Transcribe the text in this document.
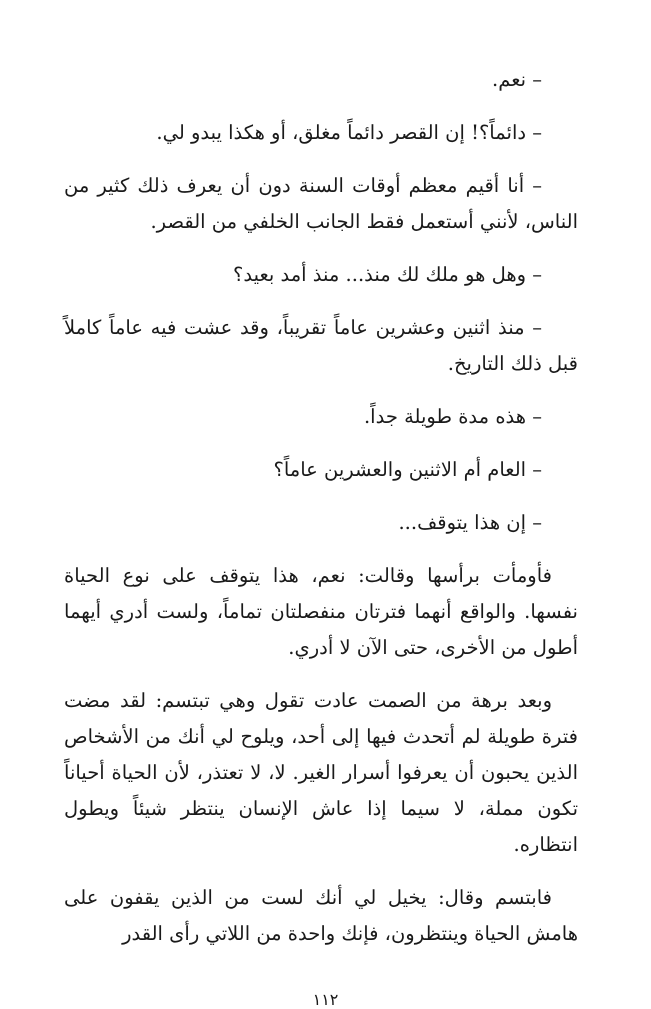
– نعم.

– دائماً؟! إن القصر دائماً مغلق، أو هكذا يبدو لي.

– أنا أقيم معظم أوقات السنة دون أن يعرف ذلك كثير من الناس، لأنني أستعمل فقط الجانب الخلفي من القصر.

– وهل هو ملك لك منذ... منذ أمد بعيد؟

– منذ اثنين وعشرين عاماً تقريباً، وقد عشت فيه عاماً كاملاً قبل ذلك التاريخ.

– هذه مدة طويلة جداً.

– العام أم الاثنين والعشرين عاماً؟

– إن هذا يتوقف...

فأومأت برأسها وقالت: نعم، هذا يتوقف على نوع الحياة نفسها. والواقع أنهما فترتان منفصلتان تماماً، ولست أدري أيهما أطول من الأخرى، حتى الآن لا أدري.

وبعد برهة من الصمت عادت تقول وهي تبتسم: لقد مضت فترة طويلة لم أتحدث فيها إلى أحد، ويلوح لي أنك من الأشخاص الذين يحبون أن يعرفوا أسرار الغير. لا، لا تعتذر، لأن الحياة أحياناً تكون مملة، لا سيما إذا عاش الإنسان ينتظر شيئاً ويطول انتظاره.

فابتسم وقال: يخيل لي أنك لست من الذين يقفون على هامش الحياة وينتظرون، فإنك واحدة من اللاتي رأى القدر

١١٢
